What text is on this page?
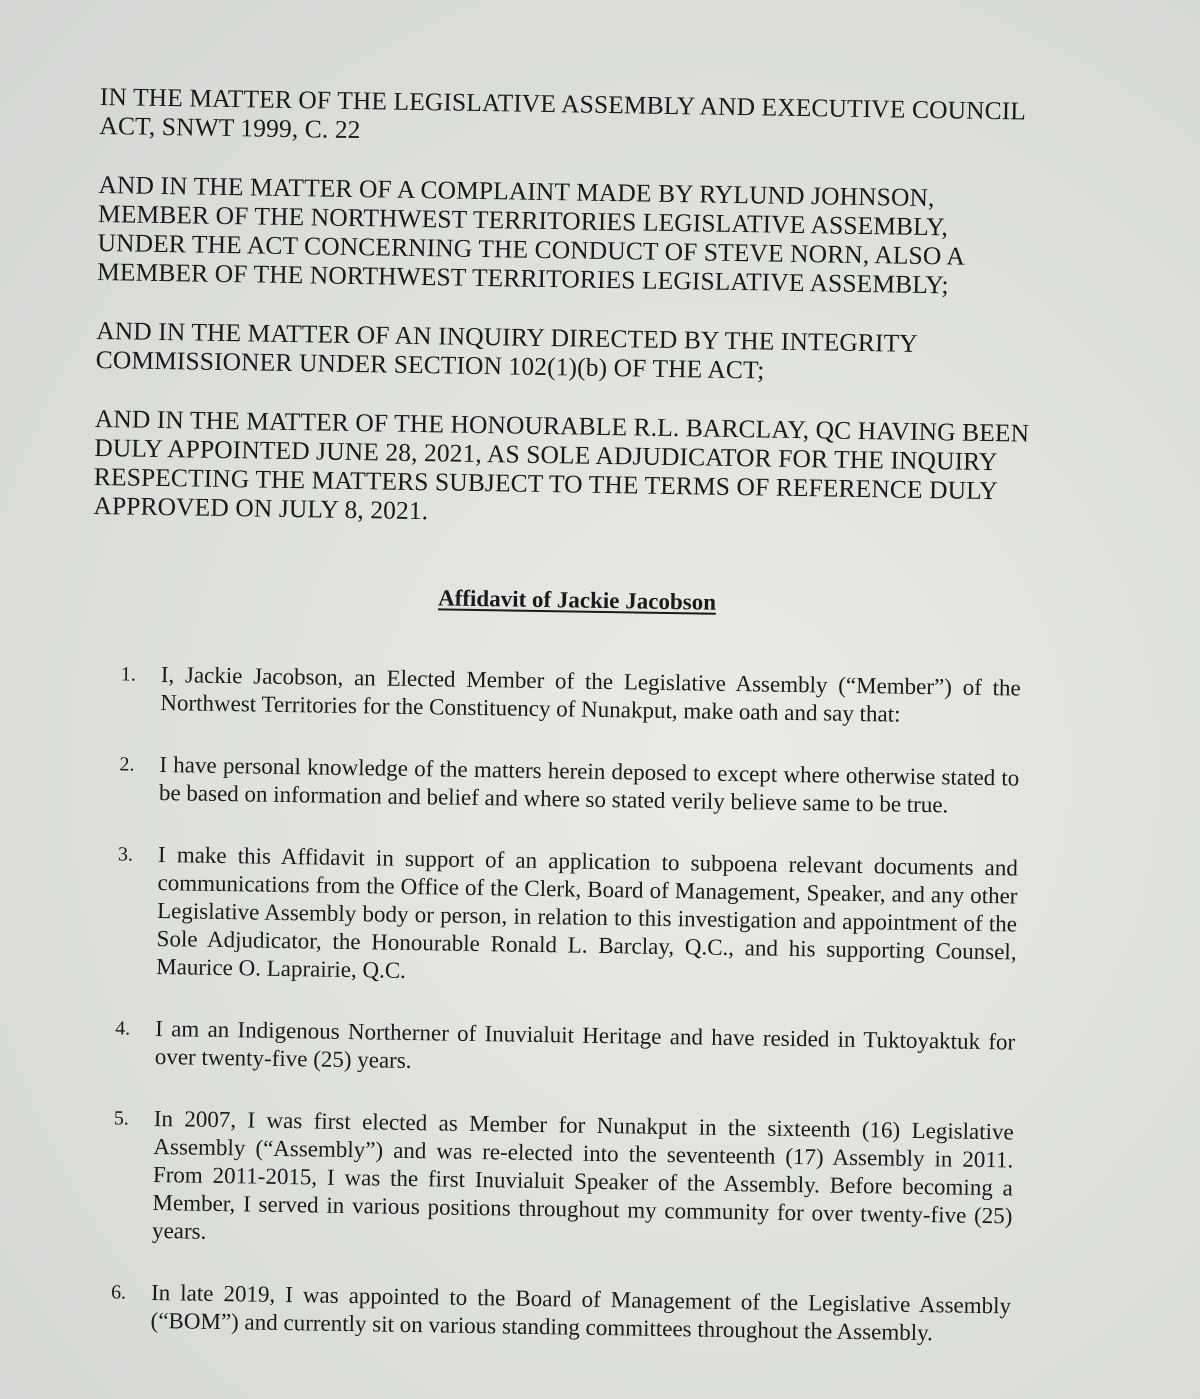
IN THE MATTER OF THE LEGISLATIVE ASSEMBLY AND EXECUTIVE COUNCIL ACT, SNWT 1999, C. 22

AND IN THE MATTER OF A COMPLAINT MADE BY RYLUND JOHNSON, MEMBER OF THE NORTHWEST TERRITORIES LEGISLATIVE ASSEMBLY, UNDER THE ACT CONCERNING THE CONDUCT OF STEVE NORN, ALSO A MEMBER OF THE NORTHWEST TERRITORIES LEGISLATIVE ASSEMBLY;

AND IN THE MATTER OF AN INQUIRY DIRECTED BY THE INTEGRITY COMMISSIONER UNDER SECTION 102(1)(b) OF THE ACT;

AND IN THE MATTER OF THE HONOURABLE R.L. BARCLAY, QC HAVING BEEN DULY APPOINTED JUNE 28, 2021, AS SOLE ADJUDICATOR FOR THE INQUIRY RESPECTING THE MATTERS SUBJECT TO THE TERMS OF REFERENCE DULY APPROVED ON JULY 8, 2021.

Affidavit of Jackie Jacobson
1. I, Jackie Jacobson, an Elected Member of the Legislative Assembly (“Member”) of the Northwest Territories for the Constituency of Nunakput, make oath and say that:
2. I have personal knowledge of the matters herein deposed to except where otherwise stated to be based on information and belief and where so stated verily believe same to be true.
3. I make this Affidavit in support of an application to subpoena relevant documents and communications from the Office of the Clerk, Board of Management, Speaker, and any other Legislative Assembly body or person, in relation to this investigation and appointment of the Sole Adjudicator, the Honourable Ronald L. Barclay, Q.C., and his supporting Counsel, Maurice O. Laprairie, Q.C.
4. I am an Indigenous Northerner of Inuvialuit Heritage and have resided in Tuktoyaktuk for over twenty-five (25) years.
5. In 2007, I was first elected as Member for Nunakput in the sixteenth (16) Legislative Assembly (“Assembly”) and was re-elected into the seventeenth (17) Assembly in 2011. From 2011-2015, I was the first Inuvialuit Speaker of the Assembly. Before becoming a Member, I served in various positions throughout my community for over twenty-five (25) years.
6. In late 2019, I was appointed to the Board of Management of the Legislative Assembly (“BOM”) and currently sit on various standing committees throughout the Assembly.
